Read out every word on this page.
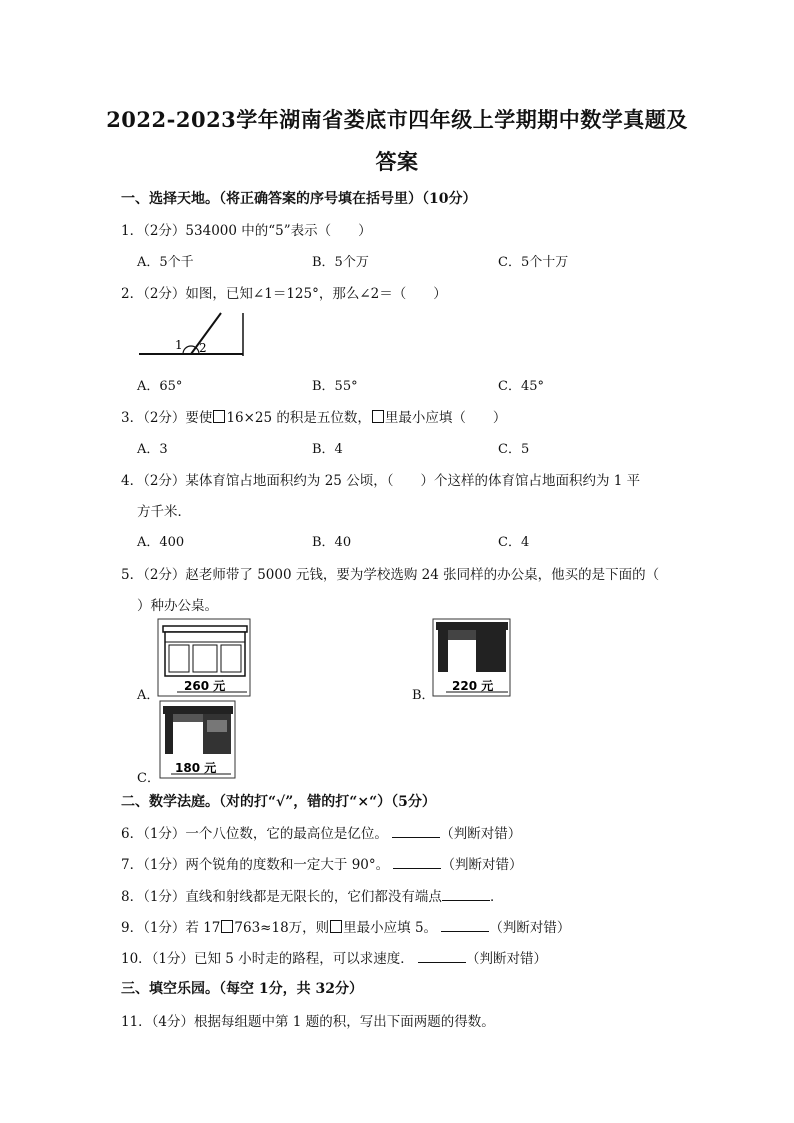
2022-2023学年湖南省娄底市四年级上学期期中数学真题及
答案
一、选择天地。（将正确答案的序号填在括号里）（10分）
1．（2分）534000 中的“5”表示（　　）
A．5个千	B．5个万	C．5个十万
2．（2分）如图，已知∠1＝125°，那么∠2＝（　　）
1 2
A．65°	B．55°	C．45°
3．（2分）要使 16×25 的积是五位数， 里最小应填（　　）
A．3	B．4	C．5
4．（2分）某体育馆占地面积约为 25 公顷，（　　）个这样的体育馆占地面积约为 1 平
方千米．
A．400	B．40	C．4
5．（2分）赵老师带了 5000 元钱，要为学校选购 24 张同样的办公桌，他买的是下面的（
）种办公桌。
A．
260 元
B．
220 元
C．
180 元
二、数学法庭。（对的打“√”，错的打“×“）（5分）
6．（1分）一个八位数，它的最高位是亿位。	（判断对错）
7．（1分）两个锐角的度数和一定大于 90°。	（判断对错）
8．（1分）直线和射线都是无限长的，它们都没有端点	．
9．（1分）若 17 763≈18万，则 里最小应填 5。	（判断对错）
10．（1分）已知 5 小时走的路程，可以求速度．	（判断对错）
三、填空乐园。（每空 1分，共 32分）
11．（4分）根据每组题中第 1 题的积，写出下面两题的得数。
